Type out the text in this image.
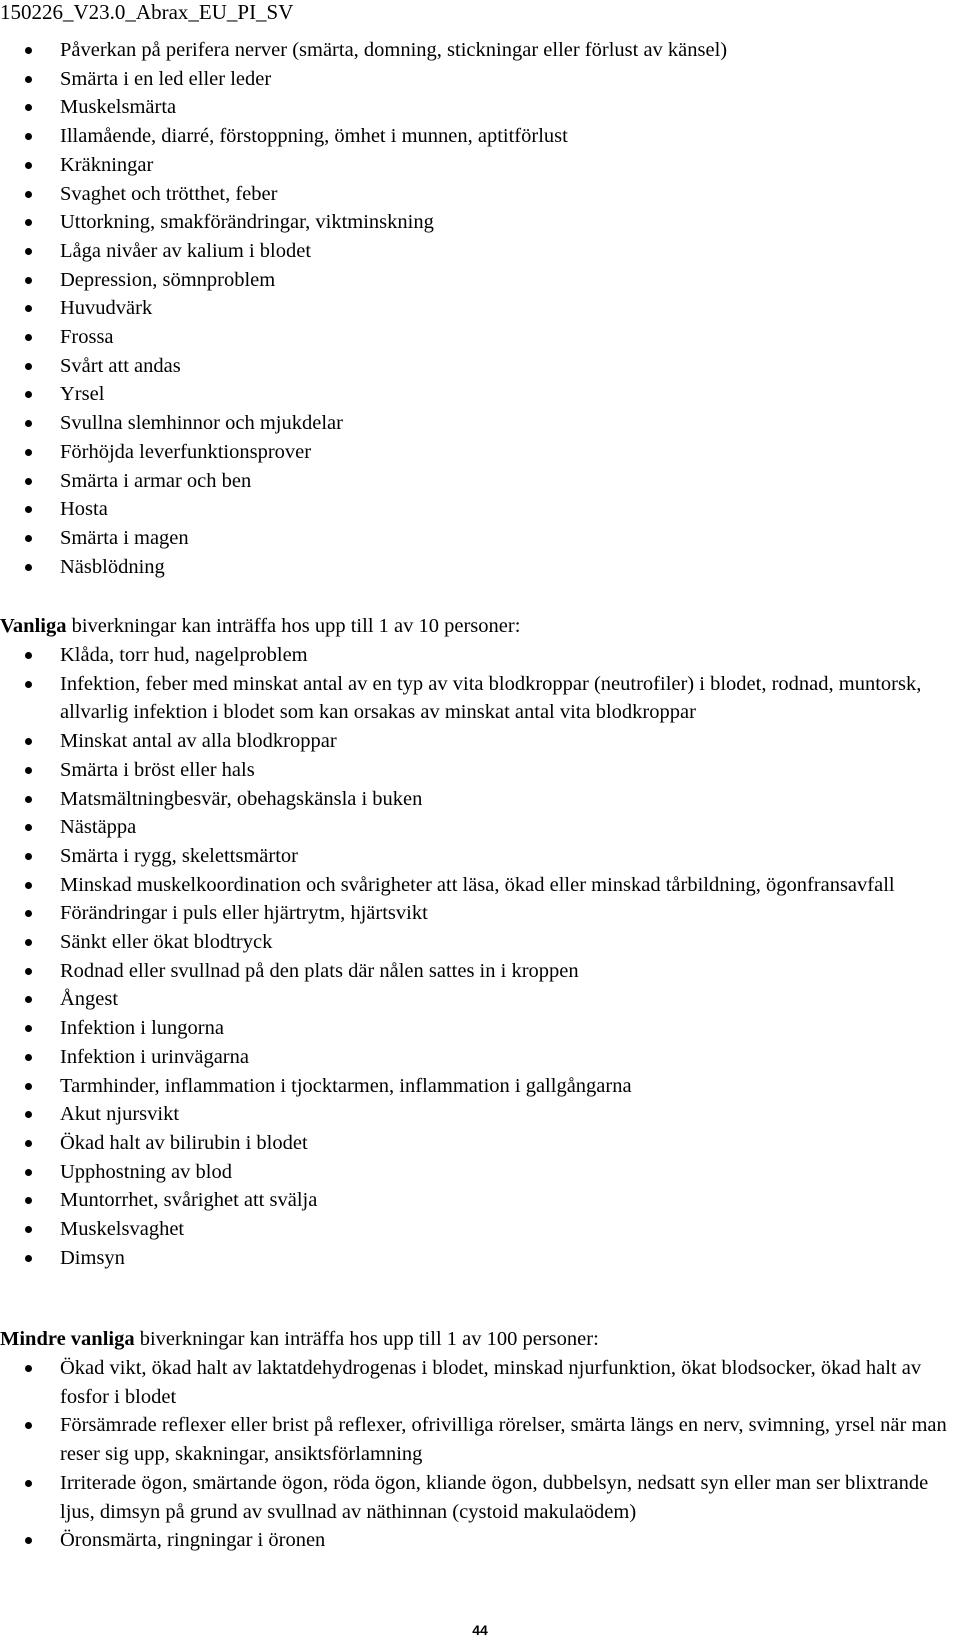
150226_V23.0_Abrax_EU_PI_SV
Påverkan på perifera nerver (smärta, domning, stickningar eller förlust av känsel)
Smärta i en led eller leder
Muskelsmärta
Illamående, diarré, förstoppning, ömhet i munnen, aptitförlust
Kräkningar
Svaghet och trötthet, feber
Uttorkning, smakförändringar, viktminskning
Låga nivåer av kalium i blodet
Depression, sömnproblem
Huvudvärk
Frossa
Svårt att andas
Yrsel
Svullna slemhinnor och mjukdelar
Förhöjda leverfunktionsprover
Smärta i armar och ben
Hosta
Smärta i magen
Näsblödning
Vanliga biverkningar kan inträffa hos upp till 1 av 10 personer:
Klåda, torr hud, nagelproblem
Infektion, feber med minskat antal av en typ av vita blodkroppar (neutrofiler) i blodet, rodnad, muntorsk, allvarlig infektion i blodet som kan orsakas av minskat antal vita blodkroppar
Minskat antal av alla blodkroppar
Smärta i bröst eller hals
Matsmältningbesvär, obehagskänsla i buken
Nästäppa
Smärta i rygg, skelettsmärtor
Minskad muskelkoordination och svårigheter att läsa, ökad eller minskad tårbildning, ögonfransavfall
Förändringar i puls eller hjärtrytm, hjärtsvikt
Sänkt eller ökat blodtryck
Rodnad eller svullnad på den plats där nålen sattes in i kroppen
Ångest
Infektion i lungorna
Infektion i urinvägarna
Tarmhinder, inflammation i tjocktarmen, inflammation i gallgångarna
Akut njursvikt
Ökad halt av bilirubin i blodet
Upphostning av blod
Muntorrhet, svårighet att svälja
Muskelsvaghet
Dimsyn
Mindre vanliga biverkningar kan inträffa hos upp till 1 av 100 personer:
Ökad vikt, ökad halt av laktatdehydrogenas i blodet, minskad njurfunktion, ökat blodsocker, ökad halt av fosfor i blodet
Försämrade reflexer eller brist på reflexer, ofrivilliga rörelser, smärta längs en nerv, svimning, yrsel när man reser sig upp, skakningar, ansiktsförlamning
Irriterade ögon, smärtande ögon, röda ögon, kliande ögon, dubbelsyn, nedsatt syn eller man ser blixtrande ljus, dimsyn på grund av svullnad av näthinnan (cystoid makulaödem)
Öronsmärta, ringningar i öronen
44
